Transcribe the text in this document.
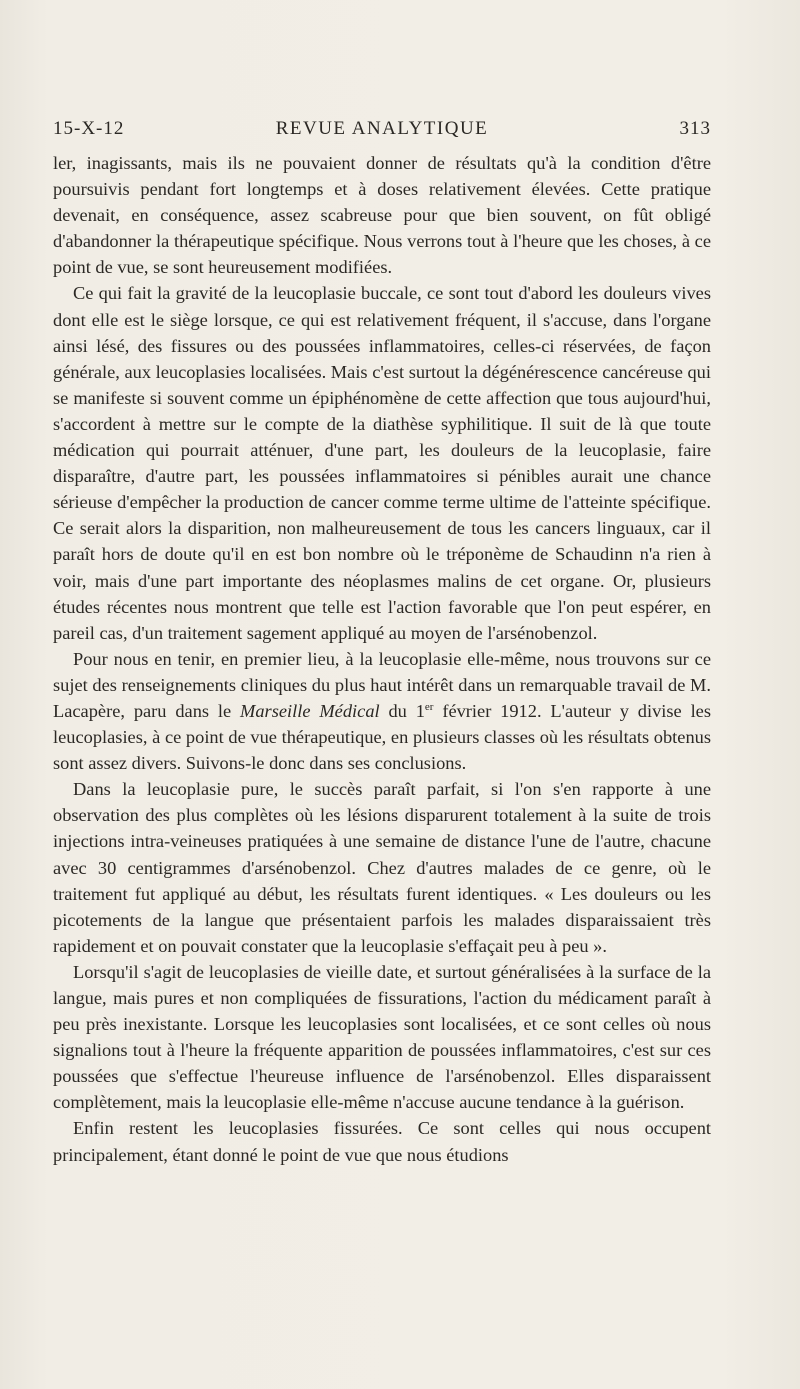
15-X-12	REVUE ANALYTIQUE	313

ler, inagissants, mais ils ne pouvaient donner de résultats qu'à la condition d'être poursuivis pendant fort longtemps et à doses relativement élevées. Cette pratique devenait, en conséquence, assez scabreuse pour que bien souvent, on fût obligé d'abandonner la thérapeutique spécifique. Nous verrons tout à l'heure que les choses, à ce point de vue, se sont heureusement modifiées.

Ce qui fait la gravité de la leucoplasie buccale, ce sont tout d'abord les douleurs vives dont elle est le siège lorsque, ce qui est relativement fréquent, il s'accuse, dans l'organe ainsi lésé, des fissures ou des poussées inflammatoires, celles-ci réservées, de façon générale, aux leucoplasies localisées. Mais c'est surtout la dégénérescence cancéreuse qui se manifeste si souvent comme un épiphénomène de cette affection que tous aujourd'hui, s'accordent à mettre sur le compte de la diathèse syphilitique. Il suit de là que toute médication qui pourrait atténuer, d'une part, les douleurs de la leucoplasie, faire disparaître, d'autre part, les poussées inflammatoires si pénibles aurait une chance sérieuse d'empêcher la production de cancer comme terme ultime de l'atteinte spécifique. Ce serait alors la disparition, non malheureusement de tous les cancers linguaux, car il paraît hors de doute qu'il en est bon nombre où le tréponème de Schaudinn n'a rien à voir, mais d'une part importante des néoplasmes malins de cet organe. Or, plusieurs études récentes nous montrent que telle est l'action favorable que l'on peut espérer, en pareil cas, d'un traitement sagement appliqué au moyen de l'arsénobenzol.

Pour nous en tenir, en premier lieu, à la leucoplasie elle-même, nous trouvons sur ce sujet des renseignements cliniques du plus haut intérêt dans un remarquable travail de M. Lacapère, paru dans le Marseille Médical du 1er février 1912. L'auteur y divise les leucoplasies, à ce point de vue thérapeutique, en plusieurs classes où les résultats obtenus sont assez divers. Suivons-le donc dans ses conclusions.

Dans la leucoplasie pure, le succès paraît parfait, si l'on s'en rapporte à une observation des plus complètes où les lésions disparurent totalement à la suite de trois injections intra-veineuses pratiquées à une semaine de distance l'une de l'autre, chacune avec 30 centigrammes d'arsénobenzol. Chez d'autres malades de ce genre, où le traitement fut appliqué au début, les résultats furent identiques. « Les douleurs ou les picotements de la langue que présentaient parfois les malades disparaissaient très rapidement et on pouvait constater que la leucoplasie s'effaçait peu à peu ».

Lorsqu'il s'agit de leucoplasies de vieille date, et surtout généralisées à la surface de la langue, mais pures et non compliquées de fissurations, l'action du médicament paraît à peu près inexistante. Lorsque les leucoplasies sont localisées, et ce sont celles où nous signalions tout à l'heure la fréquente apparition de poussées inflammatoires, c'est sur ces poussées que s'effectue l'heureuse influence de l'arsénobenzol. Elles disparaissent complètement, mais la leucoplasie elle-même n'accuse aucune tendance à la guérison.

Enfin restent les leucoplasies fissurées. Ce sont celles qui nous occupent principalement, étant donné le point de vue que nous étudions
